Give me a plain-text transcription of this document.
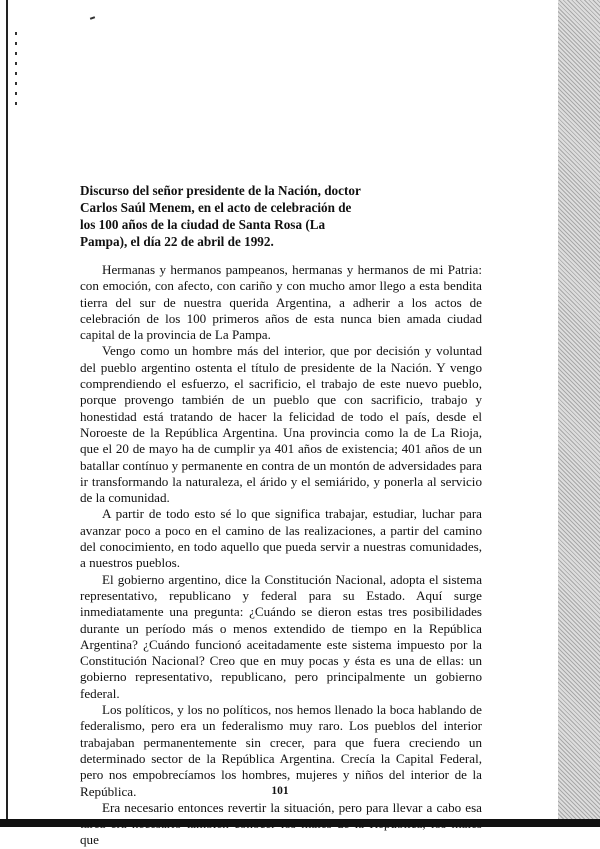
Discurso del señor presidente de la Nación, doctor Carlos Saúl Menem, en el acto de celebración de los 100 años de la ciudad de Santa Rosa (La Pampa), el día 22 de abril de 1992.

Hermanas y hermanos pampeanos, hermanas y hermanos de mi Patria: con emoción, con afecto, con cariño y con mucho amor llego a esta bendita tierra del sur de nuestra querida Argentina, a adherir a los actos de celebración de los 100 primeros años de esta nunca bien amada ciudad capital de la provincia de La Pampa.

Vengo como un hombre más del interior, que por decisión y voluntad del pueblo argentino ostenta el título de presidente de la Nación. Y vengo comprendiendo el esfuerzo, el sacrificio, el trabajo de este nuevo pueblo, porque provengo también de un pueblo que con sacrificio, trabajo y honestidad está tratando de hacer la felicidad de todo el país, desde el Noroeste de la República Argentina. Una provincia como la de La Rioja, que el 20 de mayo ha de cumplir ya 401 años de existencia; 401 años de un batallar contínuo y permanente en contra de un montón de adversidades para ir transformando la naturaleza, el árido y el semiárido, y ponerla al servicio de la comunidad.

A partir de todo esto sé lo que significa trabajar, estudiar, luchar para avanzar poco a poco en el camino de las realizaciones, a partir del camino del conocimiento, en todo aquello que pueda servir a nuestras comunidades, a nuestros pueblos.

El gobierno argentino, dice la Constitución Nacional, adopta el sistema representativo, republicano y federal para su Estado. Aquí surge inmediatamente una pregunta: ¿Cuándo se dieron estas tres posibilidades durante un período más o menos extendido de tiempo en la República Argentina? ¿Cuándo funcionó aceitadamente este sistema impuesto por la Constitución Nacional? Creo que en muy pocas y ésta es una de ellas: un gobierno representativo, republicano, pero principalmente un gobierno federal.

Los políticos, y los no políticos, nos hemos llenado la boca hablando de federalismo, pero era un federalismo muy raro. Los pueblos del interior trabajaban permanentemente sin crecer, para que fuera creciendo un determinado sector de la República Argentina. Crecía la Capital Federal, pero nos empobrecíamos los hombres, mujeres y niños del interior de la República.

Era necesario entonces revertir la situación, pero para llevar a cabo esa que

101
